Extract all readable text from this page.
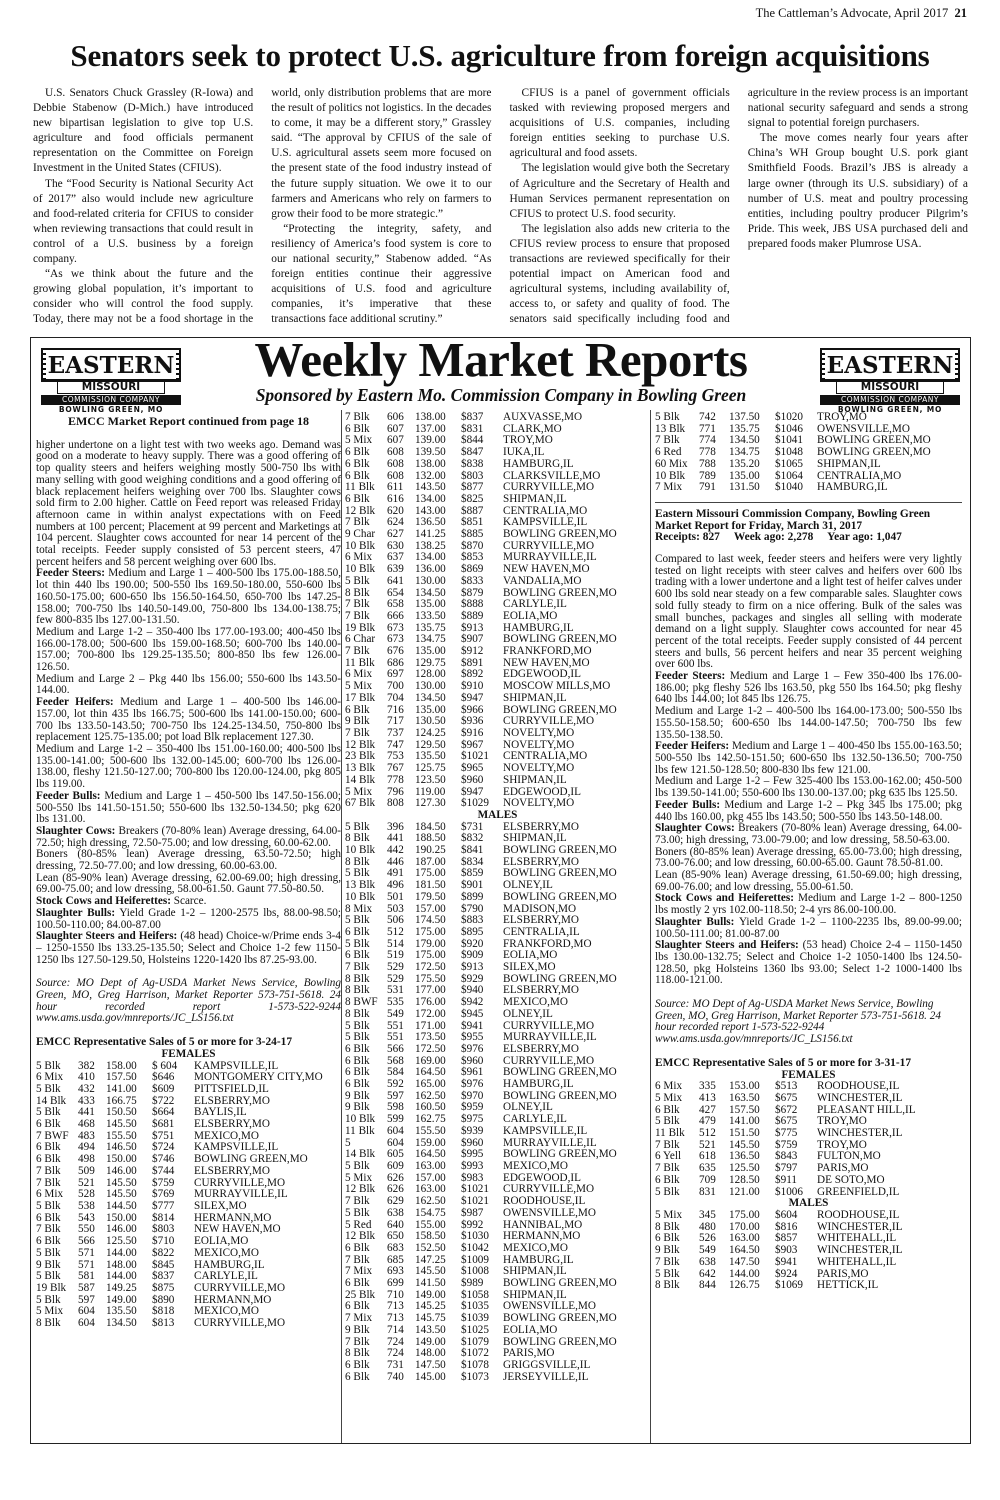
The Cattleman’s Advocate, April 2017 21
Senators seek to protect U.S. agriculture from foreign acquisitions

U.S. Senators Chuck Grassley (R-Iowa) and Debbie Stabenow (D-Mich.) have introduced new bipartisan legislation to give top U.S. agriculture and food officials permanent representation on the Committee on Foreign Investment in the United States (CFIUS).

The “Food Security is National Security Act of 2017” also would include new agriculture and food-related criteria for CFIUS to consider when reviewing transactions that could result in control of a U.S. business by a foreign company.

“As we think about the future and the growing global population, it’s important to consider who will control the food supply. Today, there may not be a food shortage in the world, only distribution problems that are more the result of politics not logistics. In the decades to come, it may be a different story,” Grassley said. “The approval by CFIUS of the sale of U.S. agricultural assets seem more focused on the present state of the food industry instead of the future supply situation. We owe it to our farmers and Americans who rely on farmers to grow their food to be more strategic.”

“Protecting the integrity, safety, and resiliency of America’s food system is core to our national security,” Stabenow added. “As foreign entities continue their aggressive acquisitions of U.S. food and agriculture companies, it’s imperative that these transactions face additional scrutiny.”

CFIUS is a panel of government officials tasked with reviewing proposed mergers and acquisitions of U.S. companies, including foreign entities seeking to purchase U.S. agricultural and food assets.

The legislation would give both the Secretary of Agriculture and the Secretary of Health and Human Services permanent representation on CFIUS to protect U.S. food security.

The legislation also adds new criteria to the CFIUS review process to ensure that proposed transactions are reviewed specifically for their potential impact on American food and agricultural systems, including availability of, access to, or safety and quality of food. The senators said specifically including food and agriculture in the review process is an important national security safeguard and sends a strong signal to potential foreign purchasers.

The move comes nearly four years after China’s WH Group bought U.S. pork giant Smithfield Foods. Brazil’s JBS is already a large owner (through its U.S. subsidiary) of a number of U.S. meat and poultry processing entities, including poultry producer Pilgrim’s Pride. This week, JBS USA purchased deli and prepared foods maker Plumrose USA.

EASTERN
MISSOURI
COMMISSION COMPANY
BOWLING GREEN, MO
EASTERN
MISSOURI
COMMISSION COMPANY
BOWLING GREEN, MO
Weekly Market Reports
Sponsored by Eastern Mo. Commission Company in Bowling Green
EMCC Market Report continued from page 18
higher undertone on a light test with two weeks ago. Demand was good on a moderate to heavy supply. There was a good offering of top quality steers and heifers weighing mostly 500-750 lbs with many selling with good weighing conditions and a good offering of black replacement heifers weighing over 700 lbs. Slaughter cows sold firm to 2.00 higher. Cattle on Feed report was released Friday afternoon came in within analyst expectations with on Feed numbers at 100 percent; Placement at 99 percent and Marketings at 104 percent. Slaughter cows accounted for near 14 percent of the total receipts. Feeder supply consisted of 53 percent steers, 47 percent heifers and 58 percent weighing over 600 lbs.
Feeder Steers: Medium and Large 1 – 400-500 lbs 175.00-188.50, lot thin 440 lbs 190.00; 500-550 lbs 169.50-180.00, 550-600 lbs 160.50-175.00; 600-650 lbs 156.50-164.50, 650-700 lbs 147.25-158.00; 700-750 lbs 140.50-149.00, 750-800 lbs 134.00-138.75; few 800-835 lbs 127.00-131.50.
Medium and Large 1-2 – 350-400 lbs 177.00-193.00; 400-450 lbs 166.00-178.00; 500-600 lbs 159.00-168.50; 600-700 lbs 140.00-157.00; 700-800 lbs 129.25-135.50; 800-850 lbs few 126.00-126.50.
Medium and Large 2 – Pkg 440 lbs 156.00; 550-600 lbs 143.50-144.00.
Feeder Heifers: Medium and Large 1 – 400-500 lbs 146.00-157.00, lot thin 435 lbs 166.75; 500-600 lbs 141.00-150.00; 600-700 lbs 133.50-143.50; 700-750 lbs 124.25-134.50, 750-800 lbs replacement 125.75-135.00; pot load Blk replacement 127.30.
Medium and Large 1-2 – 350-400 lbs 151.00-160.00; 400-500 lbs 135.00-141.00; 500-600 lbs 132.00-145.00; 600-700 lbs 126.00-138.00, fleshy 121.50-127.00; 700-800 lbs 120.00-124.00, pkg 805 lbs 119.00.
Feeder Bulls: Medium and Large 1 – 450-500 lbs 147.50-156.00; 500-550 lbs 141.50-151.50; 550-600 lbs 132.50-134.50; pkg 620 lbs 131.00.
Slaughter Cows: Breakers (70-80% lean) Average dressing, 64.00-72.50; high dressing, 72.50-75.00; and low dressing, 60.00-62.00.
Boners (80-85% lean) Average dressing, 63.50-72.50; high dressing, 72.50-77.00; and low dressing, 60.00-63.00.
Lean (85-90% lean) Average dressing, 62.00-69.00; high dressing, 69.00-75.00; and low dressing, 58.00-61.50. Gaunt 77.50-80.50.
Stock Cows and Heiferettes: Scarce.
Slaughter Bulls: Yield Grade 1-2 – 1200-2575 lbs, 88.00-98.50; 100.50-110.00; 84.00-87.00
Slaughter Steers and Heifers: (48 head) Choice-w/Prime ends 3-4 – 1250-1550 lbs 133.25-135.50; Select and Choice 1-2 few 1150-1250 lbs 127.50-129.50, Holsteins 1220-1420 lbs 87.25-93.00.
Source: MO Dept of Ag-USDA Market News Service, Bowling Green, MO, Greg Harrison, Market Reporter 573-751-5618. 24 hour recorded report 1-573-522-9244 www.ams.usda.gov/mnreports/JC_LS156.txt
EMCC Representative Sales of 5 or more for 3-24-17
FEMALES
5 Blk	382	158.00	$ 604	KAMPSVILLE,IL
6 Mix	410	157.50	$646	MONTGOMERY CITY,MO
5 Blk	432	141.00	$609	PITTSFIELD,IL
14 Blk	433	166.75	$722	ELSBERRY,MO
5 Blk	441	150.50	$664	BAYLIS,IL
6 Blk	468	145.50	$681	ELSBERRY,MO
7 BWF	483	155.50	$751	MEXICO,MO
6 Blk	494	146.50	$724	KAMPSVILLE,IL
6 Blk	498	150.00	$746	BOWLING GREEN,MO
7 Blk	509	146.00	$744	ELSBERRY,MO
7 Blk	521	145.50	$759	CURRYVILLE,MO
6 Mix	528	145.50	$769	MURRAYVILLE,IL
5 Blk	538	144.50	$777	SILEX,MO
6 Blk	543	150.00	$814	HERMANN,MO
7 Blk	550	146.00	$803	NEW HAVEN,MO
6 Blk	566	125.50	$710	EOLIA,MO
5 Blk	571	144.00	$822	MEXICO,MO
9 Blk	571	148.00	$845	HAMBURG,IL
5 Blk	581	144.00	$837	CARLYLE,IL
19 Blk	587	149.25	$875	CURRYVILLE,MO
5 Blk	597	149.00	$890	HERMANN,MO
5 Mix	604	135.50	$818	MEXICO,MO
8 Blk	604	134.50	$813	CURRYVILLE,MO
7 Blk	606	138.00	$837	AUXVASSE,MO
6 Blk	607	137.00	$831	CLARK,MO
5 Mix	607	139.00	$844	TROY,MO
6 Blk	608	139.50	$847	IUKA,IL
6 Blk	608	138.00	$838	HAMBURG,IL
6 Blk	608	132.00	$803	CLARKSVILLE,MO
11 Blk	611	143.50	$877	CURRYVILLE,MO
6 Blk	616	134.00	$825	SHIPMAN,IL
12 Blk	620	143.00	$887	CENTRALIA,MO
7 Blk	624	136.50	$851	KAMPSVILLE,IL
9 Char	627	141.25	$885	BOWLING GREEN,MO
10 Blk	630	138.25	$870	CURRYVILLE,MO
6 Mix	637	134.00	$853	MURRAYVILLE,IL
10 Blk	639	136.00	$869	NEW HAVEN,MO
5 Blk	641	130.00	$833	VANDALIA,MO
8 Blk	654	134.50	$879	BOWLING GREEN,MO
7 Blk	658	135.00	$888	CARLYLE,IL
7 Blk	666	133.50	$889	EOLIA,MO
19 Blk	673	135.75	$913	HAMBURG,IL
6 Char	673	134.75	$907	BOWLING GREEN,MO
7 Blk	676	135.00	$912	FRANKFORD,MO
11 Blk	686	129.75	$891	NEW HAVEN,MO
6 Mix	697	128.00	$892	EDGEWOOD,IL
5 Mix	700	130.00	$910	MOSCOW MILLS,MO
17 Blk	704	134.50	$947	SHIPMAN,IL
6 Blk	716	135.00	$966	BOWLING GREEN,MO
9 Blk	717	130.50	$936	CURRYVILLE,MO
7 Blk	737	124.25	$916	NOVELTY,MO
12 Blk	747	129.50	$967	NOVELTY,MO
23 Blk	753	135.50	$1021	CENTRALIA,MO
13 Blk	767	125.75	$965	NOVELTY,MO
14 Blk	778	123.50	$960	SHIPMAN,IL
5 Mix	796	119.00	$947	EDGEWOOD,IL
67 Blk	808	127.30	$1029	NOVELTY,MO
MALES
5 Blk	396	184.50	$731	ELSBERRY,MO
8 Blk	441	188.50	$832	SHIPMAN,IL
10 Blk	442	190.25	$841	BOWLING GREEN,MO
8 Blk	446	187.00	$834	ELSBERRY,MO
5 Blk	491	175.00	$859	BOWLING GREEN,MO
13 Blk	496	181.50	$901	OLNEY,IL
10 Blk	501	179.50	$899	BOWLING GREEN,MO
8 Mix	503	157.00	$790	MADISON,MO
5 Blk	506	174.50	$883	ELSBERRY,MO
6 Blk	512	175.00	$895	CENTRALIA,IL
5 Blk	514	179.00	$920	FRANKFORD,MO
6 Blk	519	175.00	$909	EOLIA,MO
7 Blk	529	172.50	$913	SILEX,MO
8 Blk	529	175.50	$929	BOWLING GREEN,MO
8 Blk	531	177.00	$940	ELSBERRY,MO
8 BWF	535	176.00	$942	MEXICO,MO
8 Blk	549	172.00	$945	OLNEY,IL
5 Blk	551	171.00	$941	CURRYVILLE,MO
5 Blk	551	173.50	$955	MURRAYVILLE,IL
6 Blk	566	172.50	$976	ELSBERRY,MO
6 Blk	568	169.00	$960	CURRYVILLE,MO
6 Blk	584	164.50	$961	BOWLING GREEN,MO
6 Blk	592	165.00	$976	HAMBURG,IL
9 Blk	597	162.50	$970	BOWLING GREEN,MO
9 Blk	598	160.50	$959	OLNEY,IL
10 Blk	599	162.75	$975	CARLYLE,IL
11 Blk	604	155.50	$939	KAMPSVILLE,IL
5	604	159.00	$960	MURRAYVILLE,IL
14 Blk	605	164.50	$995	BOWLING GREEN,MO
5 Blk	609	163.00	$993	MEXICO,MO
5 Mix	626	157.00	$983	EDGEWOOD,IL
12 Blk	626	163.00	$1021	CURRYVILLE,MO
7 Blk	629	162.50	$1021	ROODHOUSE,IL
5 Blk	638	154.75	$987	OWENSVILLE,MO
5 Red	640	155.00	$992	HANNIBAL,MO
12 Blk	650	158.50	$1030	HERMANN,MO
6 Blk	683	152.50	$1042	MEXICO,MO
7 Blk	685	147.25	$1009	HAMBURG,IL
7 Mix	693	145.50	$1008	SHIPMAN,IL
6 Blk	699	141.50	$989	BOWLING GREEN,MO
25 Blk	710	149.00	$1058	SHIPMAN,IL
6 Blk	713	145.25	$1035	OWENSVILLE,MO
7 Mix	713	145.75	$1039	BOWLING GREEN,MO
9 Blk	714	143.50	$1025	EOLIA,MO
7 Blk	724	149.00	$1079	BOWLING GREEN,MO
8 Blk	724	148.00	$1072	PARIS,MO
6 Blk	731	147.50	$1078	GRIGGSVILLE,IL
6 Blk	740	145.00	$1073	JERSEYVILLE,IL
5 Blk	742	137.50	$1020	TROY,MO
13 Blk	771	135.75	$1046	OWENSVILLE,MO
7 Blk	774	134.50	$1041	BOWLING GREEN,MO
6 Red	778	134.75	$1048	BOWLING GREEN,MO
60 Mix	788	135.20	$1065	SHIPMAN,IL
10 Blk	789	135.00	$1064	CENTRALIA,MO
7 Mix	791	131.50	$1040	HAMBURG,IL
Eastern Missouri Commission Company, Bowling Green
Market Report for Friday, March 31, 2017
Receipts: 827     Week ago: 2,278     Year ago: 1,047
Compared to last week, feeder steers and heifers were very lightly tested on light receipts with steer calves and heifers over 600 lbs trading with a lower undertone and a light test of heifer calves under 600 lbs sold near steady on a few comparable sales. Slaughter cows sold fully steady to firm on a nice offering. Bulk of the sales was small bunches, packages and singles all selling with moderate demand on a light supply. Slaughter cows accounted for near 45 percent of the total receipts. Feeder supply consisted of 44 percent steers and bulls, 56 percent heifers and near 35 percent weighing over 600 lbs.
Feeder Steers: Medium and Large 1 – Few 350-400 lbs 176.00-186.00; pkg fleshy 526 lbs 163.50, pkg 550 lbs 164.50; pkg fleshy 640 lbs 144.00; lot 845 lbs 126.75.
Medium and Large 1-2 – 400-500 lbs 164.00-173.00; 500-550 lbs 155.50-158.50; 600-650 lbs 144.00-147.50; 700-750 lbs few 135.50-138.50.
Feeder Heifers: Medium and Large 1 – 400-450 lbs 155.00-163.50; 500-550 lbs 142.50-151.50; 600-650 lbs 132.50-136.50; 700-750 lbs few 121.50-128.50; 800-830 lbs few 121.00.
Medium and Large 1-2 – Few 325-400 lbs 153.00-162.00; 450-500 lbs 139.50-141.00; 550-600 lbs 130.00-137.00; pkg 635 lbs 125.50.
Feeder Bulls: Medium and Large 1-2 – Pkg 345 lbs 175.00; pkg 440 lbs 160.00, pkg 455 lbs 143.50; 500-550 lbs 143.50-148.00.
Slaughter Cows: Breakers (70-80% lean) Average dressing, 64.00-73.00; high dressing, 73.00-79.00; and low dressing, 58.50-63.00.
Boners (80-85% lean) Average dressing, 65.00-73.00; high dressing, 73.00-76.00; and low dressing, 60.00-65.00. Gaunt 78.50-81.00.
Lean (85-90% lean) Average dressing, 61.50-69.00; high dressing, 69.00-76.00; and low dressing, 55.00-61.50.
Stock Cows and Heiferettes: Medium and Large 1-2 – 800-1250 lbs mostly 2 yrs 102.00-118.50; 2-4 yrs 86.00-100.00.
Slaughter Bulls: Yield Grade 1-2 – 1100-2235 lbs, 89.00-99.00; 100.50-111.00; 81.00-87.00
Slaughter Steers and Heifers: (53 head) Choice 2-4 – 1150-1450 lbs 130.00-132.75; Select and Choice 1-2 1050-1400 lbs 124.50-128.50, pkg Holsteins 1360 lbs 93.00; Select 1-2 1000-1400 lbs 118.00-121.00.
Source: MO Dept of Ag-USDA Market News Service, Bowling Green, MO, Greg Harrison, Market Reporter 573-751-5618. 24 hour recorded report 1-573-522-9244 www.ams.usda.gov/mnreports/JC_LS156.txt
EMCC Representative Sales of 5 or more for 3-31-17
FEMALES
6 Mix	335	153.00	$513	ROODHOUSE,IL
5 Mix	413	163.50	$675	WINCHESTER,IL
6 Blk	427	157.50	$672	PLEASANT HILL,IL
5 Blk	479	141.00	$675	TROY,MO
11 Blk	512	151.50	$775	WINCHESTER,IL
7 Blk	521	145.50	$759	TROY,MO
6 Yell	618	136.50	$843	FULTON,MO
7 Blk	635	125.50	$797	PARIS,MO
6 Blk	709	128.50	$911	DE SOTO,MO
5 Blk	831	121.00	$1006	GREENFIELD,IL
MALES
5 Mix	345	175.00	$604	ROODHOUSE,IL
8 Blk	480	170.00	$816	WINCHESTER,IL
6 Blk	526	163.00	$857	WHITEHALL,IL
9 Blk	549	164.50	$903	WINCHESTER,IL
7 Blk	638	147.50	$941	WHITEHALL,IL
5 Blk	642	144.00	$924	PARIS,MO
8 Blk	844	126.75	$1069	HETTICK,IL
